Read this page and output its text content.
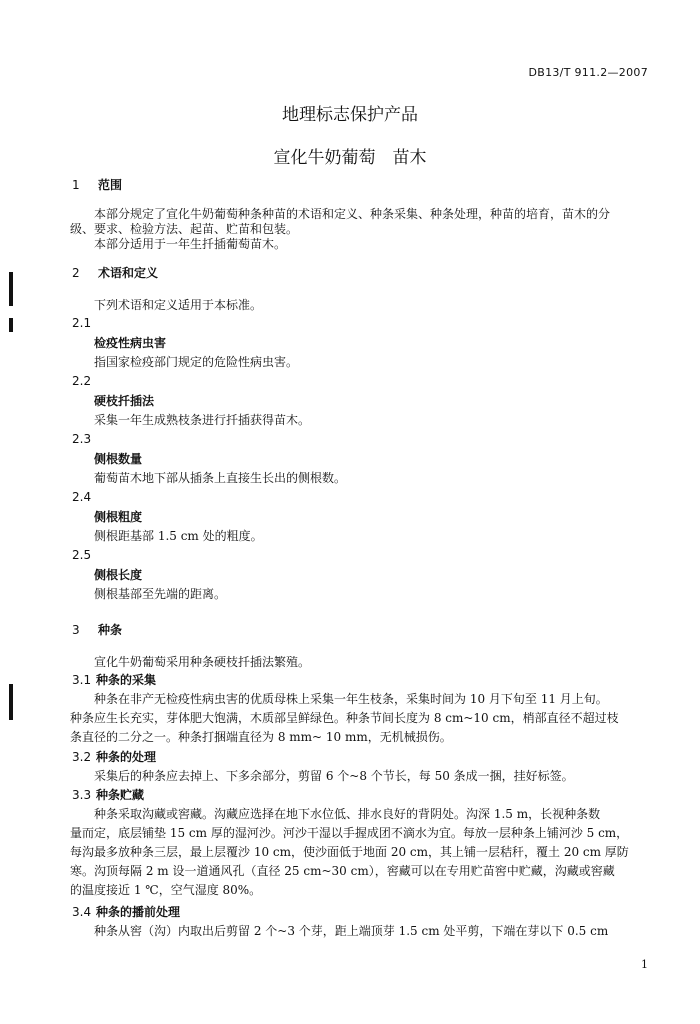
DB13/T 911.2—2007
地理标志保护产品
宣化牛奶葡萄　苗木
1 范围
本部分规定了宣化牛奶葡萄种条种苗的术语和定义、种条采集、种条处理，种苗的培育，苗木的分
级、要求、检验方法、起苗、贮苗和包装。
本部分适用于一年生扦插葡萄苗木。
2 术语和定义
下列术语和定义适用于本标准。
2.1
检疫性病虫害
指国家检疫部门规定的危险性病虫害。
2.2
硬枝扦插法
采集一年生成熟枝条进行扦插获得苗木。
2.3
侧根数量
葡萄苗木地下部从插条上直接生长出的侧根数。
2.4
侧根粗度
侧根距基部 1.5 cm 处的粗度。
2.5
侧根长度
侧根基部至先端的距离。
3 种条
宣化牛奶葡萄采用种条硬枝扦插法繁殖。
3.1 种条的采集
种条在非产无检疫性病虫害的优质母株上采集一年生枝条，采集时间为 10 月下旬至 11 月上旬。
种条应生长充实，芽体肥大饱满，木质部呈鲜绿色。种条节间长度为 8 cm~10 cm，梢部直径不超过枝
条直径的二分之一。种条打捆端直径为 8 mm~ 10 mm，无机械损伤。
3.2 种条的处理
采集后的种条应去掉上、下多余部分，剪留 6 个~8 个节长，每 50 条成一捆，挂好标签。
3.3 种条贮藏
种条采取沟藏或窖藏。沟藏应选择在地下水位低、排水良好的背阴处。沟深 1.5 m，长视种条数
量而定，底层铺垫 15 cm 厚的湿河沙。河沙干湿以手握成团不滴水为宜。每放一层种条上铺河沙 5 cm，
每沟最多放种条三层，最上层覆沙 10 cm，使沙面低于地面 20 cm，其上铺一层秸秆，覆土 20 cm 厚防
寒。沟顶每隔 2 m 设一道通风孔（直径 25 cm~30 cm），窖藏可以在专用贮苗窖中贮藏，沟藏或窖藏
的温度接近 1 ℃，空气湿度 80%。
3.4 种条的播前处理
种条从窖（沟）内取出后剪留 2 个~3 个芽，距上端顶芽 1.5 cm 处平剪，下端在芽以下 0.5 cm
1
